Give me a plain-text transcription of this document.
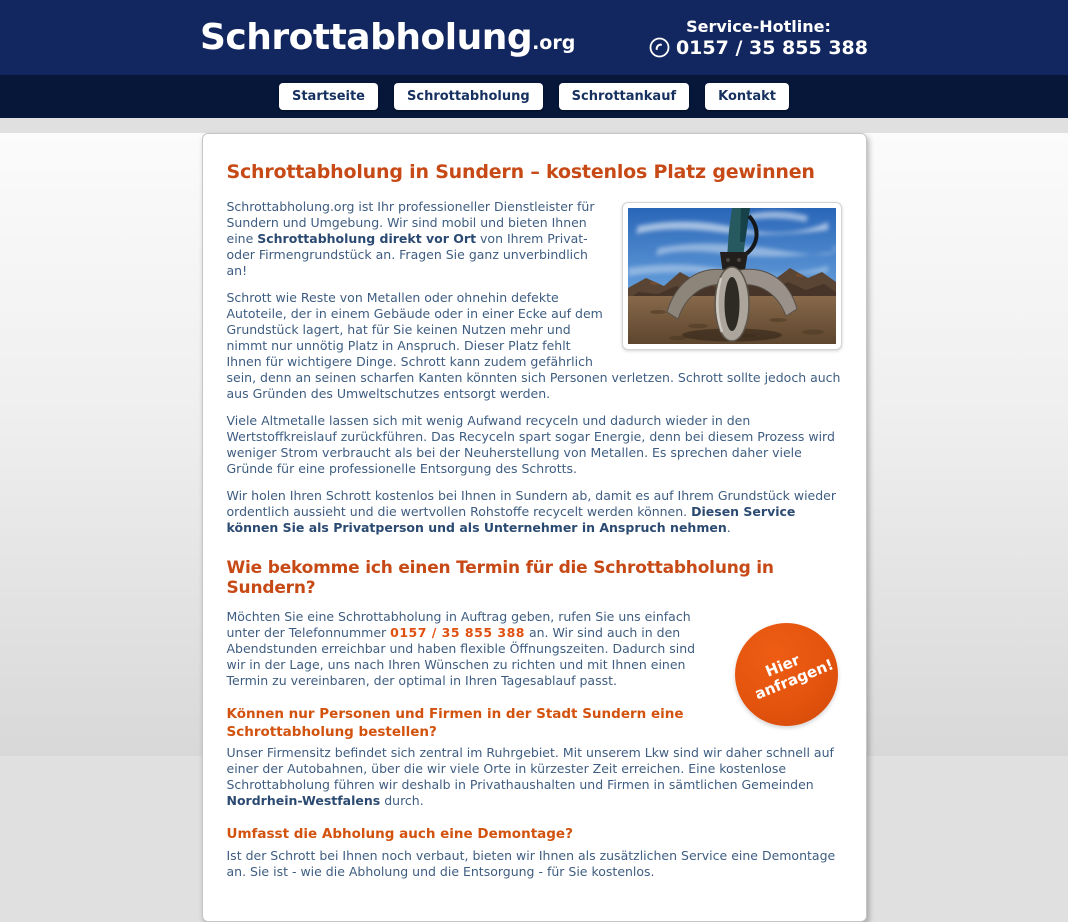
Schrottabholung.org
Service-Hotline:
0157 / 35 855 388
Startseite	Schrottabholung	Schrottankauf	Kontakt
Schrottabholung in Sundern – kostenlos Platz gewinnen

Schrottabholung.org ist Ihr professioneller Dienstleister für Sundern und Umgebung. Wir sind mobil und bieten Ihnen eine Schrottabholung direkt vor Ort von Ihrem Privat- oder Firmengrundstück an. Fragen Sie ganz unverbindlich an!

Schrott wie Reste von Metallen oder ohnehin defekte Autoteile, der in einem Gebäude oder in einer Ecke auf dem Grundstück lagert, hat für Sie keinen Nutzen mehr und nimmt nur unnötig Platz in Anspruch. Dieser Platz fehlt Ihnen für wichtigere Dinge. Schrott kann zudem gefährlich sein, denn an seinen scharfen Kanten könnten sich Personen verletzen. Schrott sollte jedoch auch aus Gründen des Umweltschutzes entsorgt werden.

Viele Altmetalle lassen sich mit wenig Aufwand recyceln und dadurch wieder in den Wertstoffkreislauf zurückführen. Das Recyceln spart sogar Energie, denn bei diesem Prozess wird weniger Strom verbraucht als bei der Neuherstellung von Metallen. Es sprechen daher viele Gründe für eine professionelle Entsorgung des Schrotts.

Wir holen Ihren Schrott kostenlos bei Ihnen in Sundern ab, damit es auf Ihrem Grundstück wieder ordentlich aussieht und die wertvollen Rohstoffe recycelt werden können. Diesen Service können Sie als Privatperson und als Unternehmer in Anspruch nehmen.

Wie bekomme ich einen Termin für die Schrottabholung in Sundern?
Hier anfragen!

Möchten Sie eine Schrottabholung in Auftrag geben, rufen Sie uns einfach unter der Telefonnummer 0157 / 35 855 388 an. Wir sind auch in den Abendstunden erreichbar und haben flexible Öffnungszeiten. Dadurch sind wir in der Lage, uns nach Ihren Wünschen zu richten und mit Ihnen einen Termin zu vereinbaren, der optimal in Ihren Tagesablauf passt.

Können nur Personen und Firmen in der Stadt Sundern eine Schrottabholung bestellen?

Unser Firmensitz befindet sich zentral im Ruhrgebiet. Mit unserem Lkw sind wir daher schnell auf einer der Autobahnen, über die wir viele Orte in kürzester Zeit erreichen. Eine kostenlose Schrottabholung führen wir deshalb in Privathaushalten und Firmen in sämtlichen Gemeinden Nordrhein-Westfalens durch.

Umfasst die Abholung auch eine Demontage?

Ist der Schrott bei Ihnen noch verbaut, bieten wir Ihnen als zusätzlichen Service eine Demontage an. Sie ist - wie die Abholung und die Entsorgung - für Sie kostenlos.
